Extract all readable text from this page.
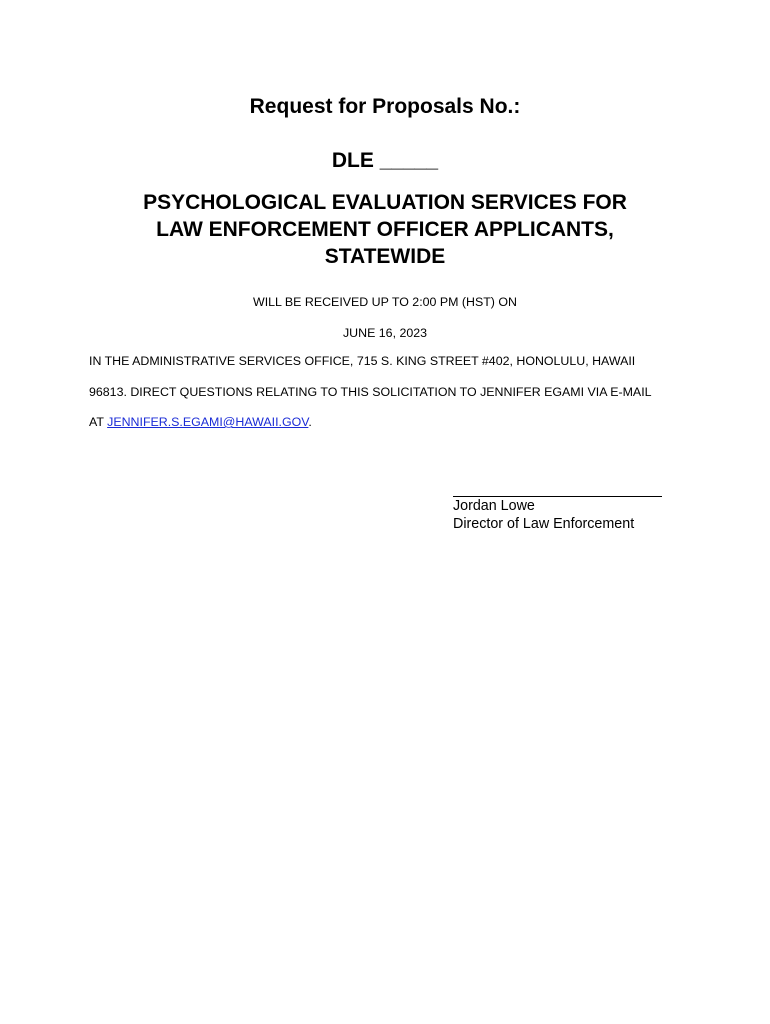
Request for Proposals No.:

DLE _____

PSYCHOLOGICAL EVALUATION SERVICES FOR
LAW ENFORCEMENT OFFICER APPLICANTS,
STATEWIDE

WILL BE RECEIVED UP TO 2:00 PM (HST) ON

JUNE 16, 2023

IN THE ADMINISTRATIVE SERVICES OFFICE, 715 S. KING STREET #402, HONOLULU, HAWAII

96813. DIRECT QUESTIONS RELATING TO THIS SOLICITATION TO JENNIFER EGAMI VIA E-MAIL

AT JENNIFER.S.EGAMI@HAWAII.GOV.

Jordan Lowe
Director of Law Enforcement
